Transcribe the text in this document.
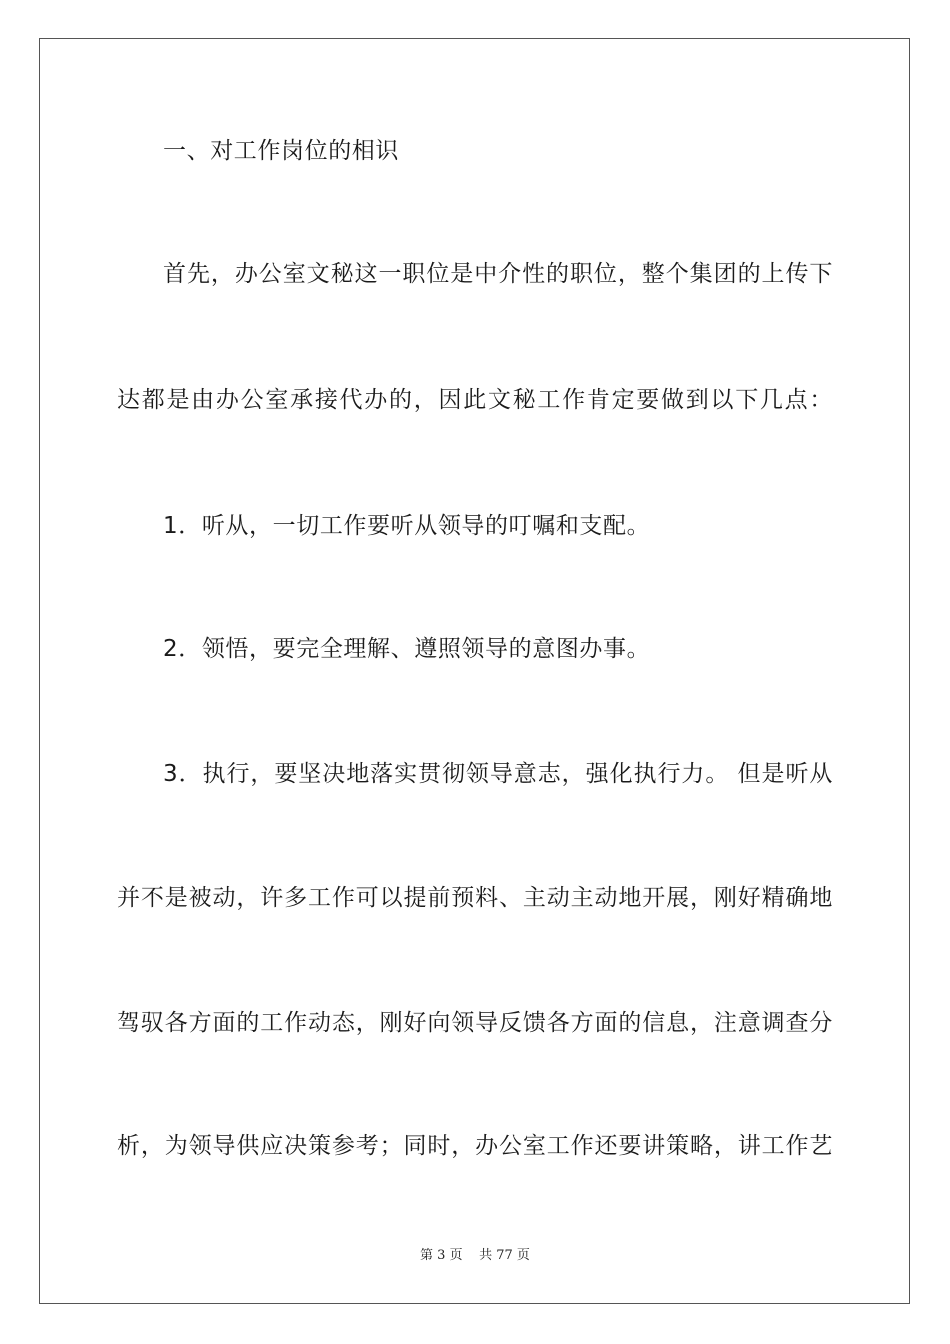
一、对工作岗位的相识
首先，办公室文秘这一职位是中介性的职位，整个集团的上传下
达都是由办公室承接代办的，因此文秘工作肯定要做到以下几点：
1．听从，一切工作要听从领导的叮嘱和支配。
2．领悟，要完全理解、遵照领导的意图办事。
3．执行，要坚决地落实贯彻领导意志，强化执行力。 但是听从
并不是被动，许多工作可以提前预料、主动主动地开展，刚好精确地
驾驭各方面的工作动态，刚好向领导反馈各方面的信息，注意调查分
析，为领导供应决策参考；同时，办公室工作还要讲策略，讲工作艺
第 3 页 共 77 页
